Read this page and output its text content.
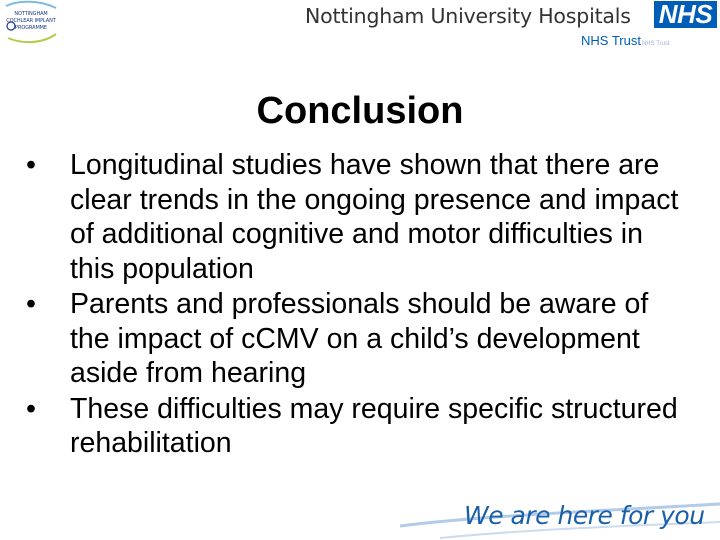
NOTTINGHAM
COCHLEAR IMPLANT
PROGRAMME	Nottingham University Hospitals NHS
NHS TrustNHS Trust
Conclusion
• Longitudinal studies have shown that there are clear trends in the ongoing presence and impact of additional cognitive and motor difficulties in this population
• Parents and professionals should be aware of the impact of cCMV on a child’s development aside from hearing
• These difficulties may require specific structured rehabilitation
We are here for you
